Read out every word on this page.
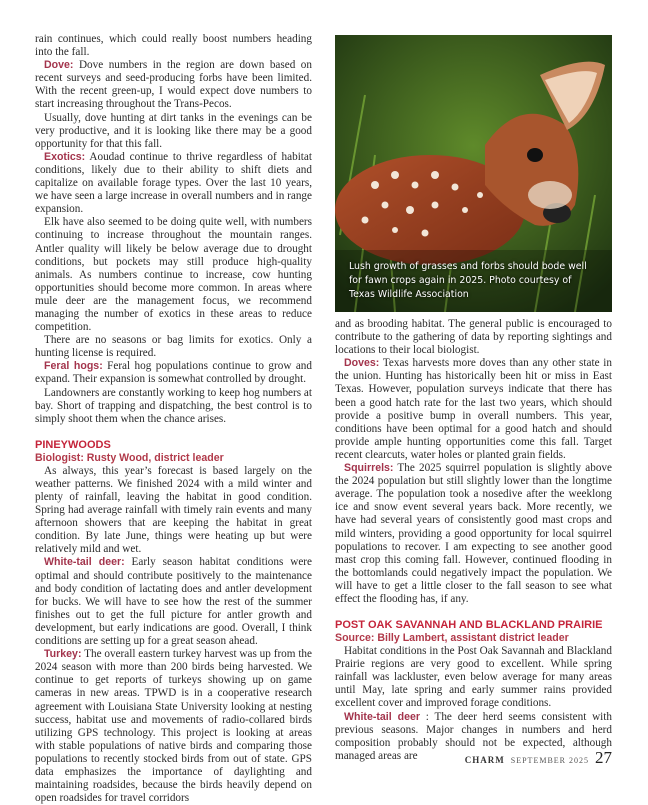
rain continues, which could really boost numbers heading into the fall.

Dove: Dove numbers in the region are down based on recent surveys and seed-producing forbs have been limited. With the recent green-up, I would expect dove numbers to start increasing throughout the Trans-Pecos.

Usually, dove hunting at dirt tanks in the evenings can be very productive, and it is looking like there may be a good opportunity for that this fall.

Exotics: Aoudad continue to thrive regardless of habitat conditions, likely due to their ability to shift diets and capitalize on available forage types. Over the last 10 years, we have seen a large increase in overall numbers and in range expansion.

Elk have also seemed to be doing quite well, with numbers continuing to increase throughout the mountain ranges. Antler quality will likely be below average due to drought conditions, but pockets may still produce high-quality animals. As numbers continue to increase, cow hunting opportunities should become more common. In areas where mule deer are the management focus, we recommend managing the number of exotics in these areas to reduce competition.

There are no seasons or bag limits for exotics. Only a hunting license is required.

Feral hogs: Feral hog populations continue to grow and expand. Their expansion is somewhat controlled by drought.

Landowners are constantly working to keep hog numbers at bay. Short of trapping and dispatching, the best control is to simply shoot them when the chance arises.

PINEYWOODS
Biologist: Rusty Wood, district leader

As always, this year’s forecast is based largely on the weather patterns. We finished 2024 with a mild winter and plenty of rainfall, leaving the habitat in good condition. Spring had average rainfall with timely rain events and many afternoon showers that are keeping the habitat in great condition. By late June, things were heating up but were relatively mild and wet.

White-tail deer: Early season habitat conditions were optimal and should contribute positively to the maintenance and body condition of lactating does and antler development for bucks. We will have to see how the rest of the summer finishes out to get the full picture for antler growth and development, but early indications are good. Overall, I think conditions are setting up for a great season ahead.

Turkey: The overall eastern turkey harvest was up from the 2024 season with more than 200 birds being harvested. We continue to get reports of turkeys showing up on game cameras in new areas. TPWD is in a cooperative research agreement with Louisiana State University looking at nesting success, habitat use and movements of radio-collared birds utilizing GPS technology. This project is looking at areas with stable populations of native birds and comparing those populations to recently stocked birds from out of state. GPS data emphasizes the importance of daylighting and maintaining roadsides, because the birds heavily depend on open roadsides for travel corridors

Lush growth of grasses and forbs should bode well for fawn crops again in 2025. Photo courtesy of Texas Wildlife Association

and as brooding habitat. The general public is encouraged to contribute to the gathering of data by reporting sightings and locations to their local biologist.

Doves: Texas harvests more doves than any other state in the union. Hunting has historically been hit or miss in East Texas. However, population surveys indicate that there has been a good hatch rate for the last two years, which should provide a positive bump in overall numbers. This year, conditions have been optimal for a good hatch and should provide ample hunting opportunities come this fall. Target recent clearcuts, water holes or planted grain fields.

Squirrels: The 2025 squirrel population is slightly above the 2024 population but still slightly lower than the longtime average. The population took a nosedive after the weeklong ice and snow event several years back. More recently, we have had several years of consistently good mast crops and mild winters, providing a good opportunity for local squirrel populations to recover. I am expecting to see another good mast crop this coming fall. However, continued flooding in the bottomlands could negatively impact the population. We will have to get a little closer to the fall season to see what effect the flooding has, if any.

POST OAK SAVANNAH AND BLACKLAND PRAIRIE
Source: Billy Lambert, assistant district leader

Habitat conditions in the Post Oak Savannah and Blackland Prairie regions are very good to excellent. While spring rainfall was lackluster, even below average for many areas until May, late spring and early summer rains provided excellent cover and improved forage conditions.

White-tail deer : The deer herd seems consistent with previous seasons. Major changes in numbers and herd composition probably should not be expected, although managed areas are	CHARM SEPTEMBER 2025 27
